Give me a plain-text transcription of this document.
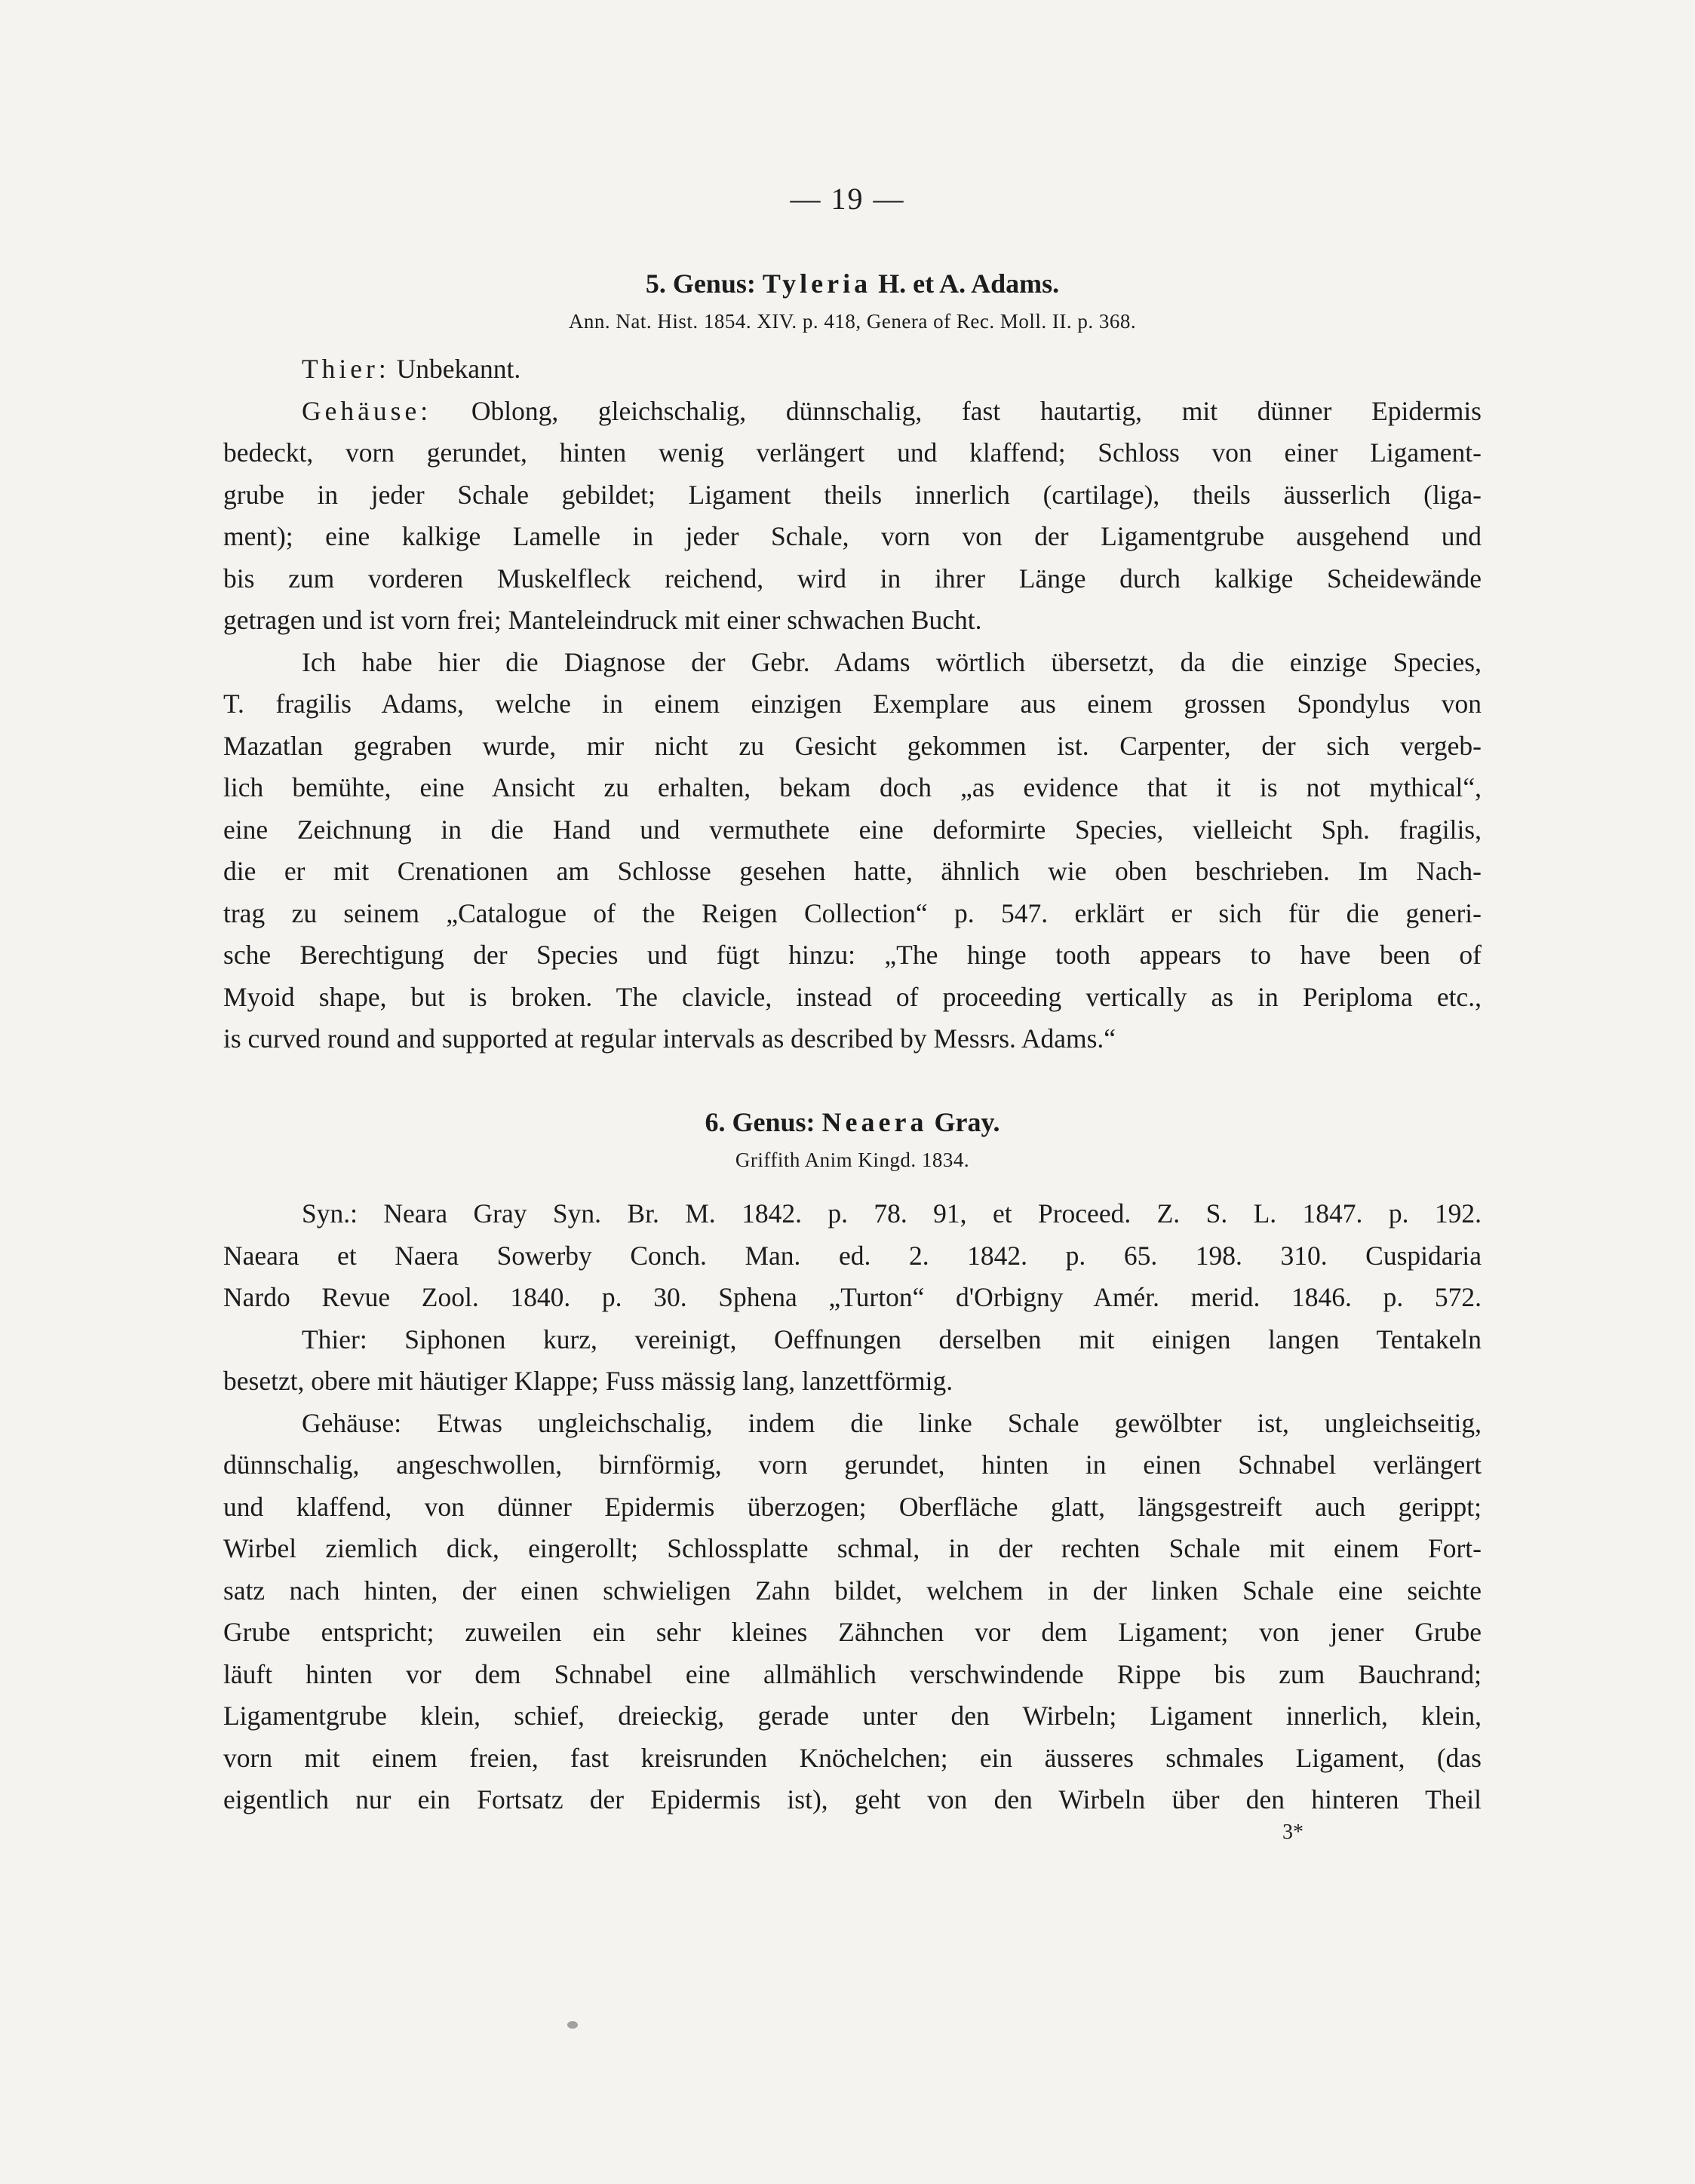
— 19 —
5. Genus: Tyleria H. et A. Adams.
Ann. Nat. Hist. 1854. XIV. p. 418, Genera of Rec. Moll. II. p. 368.
Thier: Unbekannt.
Gehäuse: Oblong, gleichschalig, dünnschalig, fast hautartig, mit dünner Epidermis
bedeckt, vorn gerundet, hinten wenig verlängert und klaffend; Schloss von einer Ligament-
grube in jeder Schale gebildet; Ligament theils innerlich (cartilage), theils äusserlich (liga-
ment); eine kalkige Lamelle in jeder Schale, vorn von der Ligamentgrube ausgehend und
bis zum vorderen Muskelfleck reichend, wird in ihrer Länge durch kalkige Scheidewände
getragen und ist vorn frei; Manteleindruck mit einer schwachen Bucht.
Ich habe hier die Diagnose der Gebr. Adams wörtlich übersetzt, da die einzige Species,
T. fragilis Adams, welche in einem einzigen Exemplare aus einem grossen Spondylus von
Mazatlan gegraben wurde, mir nicht zu Gesicht gekommen ist. Carpenter, der sich vergeb-
lich bemühte, eine Ansicht zu erhalten, bekam doch „as evidence that it is not mythical“,
eine Zeichnung in die Hand und vermuthete eine deformirte Species, vielleicht Sph. fragilis,
die er mit Crenationen am Schlosse gesehen hatte, ähnlich wie oben beschrieben. Im Nach-
trag zu seinem „Catalogue of the Reigen Collection“ p. 547. erklärt er sich für die generi-
sche Berechtigung der Species und fügt hinzu: „The hinge tooth appears to have been of
Myoid shape, but is broken. The clavicle, instead of proceeding vertically as in Periploma etc.,
is curved round and supported at regular intervals as described by Messrs. Adams.“
6. Genus: Neaera Gray.
Griffith Anim Kingd. 1834.
Syn.: Neara Gray Syn. Br. M. 1842. p. 78. 91, et Proceed. Z. S. L. 1847. p. 192.
Naeara et Naera Sowerby Conch. Man. ed. 2. 1842. p. 65. 198. 310. Cuspidaria
Nardo Revue Zool. 1840. p. 30. Sphena „Turton“ d'Orbigny Amér. merid. 1846. p. 572.
Thier: Siphonen kurz, vereinigt, Oeffnungen derselben mit einigen langen Tentakeln
besetzt, obere mit häutiger Klappe; Fuss mässig lang, lanzettförmig.
Gehäuse: Etwas ungleichschalig, indem die linke Schale gewölbter ist, ungleichseitig,
dünnschalig, angeschwollen, birnförmig, vorn gerundet, hinten in einen Schnabel verlängert
und klaffend, von dünner Epidermis überzogen; Oberfläche glatt, längsgestreift auch gerippt;
Wirbel ziemlich dick, eingerollt; Schlossplatte schmal, in der rechten Schale mit einem Fort-
satz nach hinten, der einen schwieligen Zahn bildet, welchem in der linken Schale eine seichte
Grube entspricht; zuweilen ein sehr kleines Zähnchen vor dem Ligament; von jener Grube
läuft hinten vor dem Schnabel eine allmählich verschwindende Rippe bis zum Bauchrand;
Ligamentgrube klein, schief, dreieckig, gerade unter den Wirbeln; Ligament innerlich, klein,
vorn mit einem freien, fast kreisrunden Knöchelchen; ein äusseres schmales Ligament, (das
eigentlich nur ein Fortsatz der Epidermis ist), geht von den Wirbeln über den hinteren Theil
3*
